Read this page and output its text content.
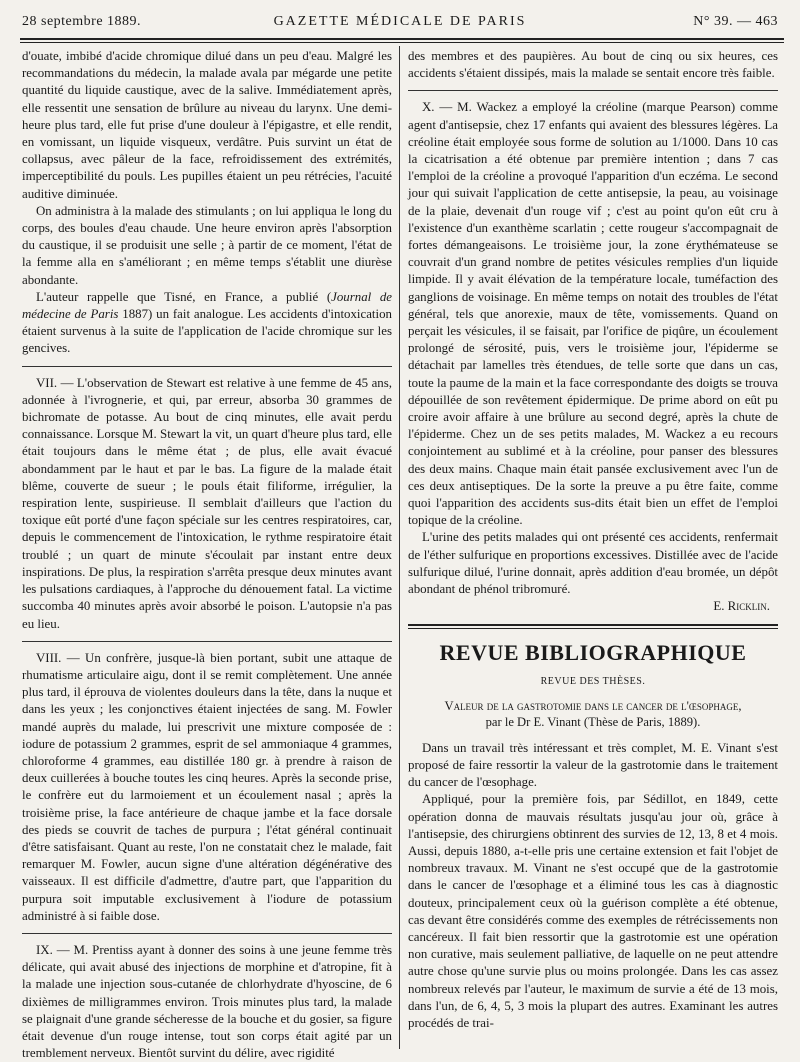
28 septembre 1889.	GAZETTE MÉDICALE DE PARIS	N° 39. — 463

d'ouate, imbibé d'acide chromique dilué dans un peu d'eau. Malgré les recommandations du médecin, la malade avala par mégarde une petite quantité du liquide caustique, avec de la salive. Immédiatement après, elle ressentit une sensation de brûlure au niveau du larynx. Une demi-heure plus tard, elle fut prise d'une douleur à l'épigastre, et elle rendit, en vomissant, un liquide visqueux, verdâtre. Puis survint un état de collapsus, avec pâleur de la face, refroidissement des extrémités, imperceptibilité du pouls. Les pupilles étaient un peu rétrécies, l'acuité auditive diminuée.

On administra à la malade des stimulants ; on lui appliqua le long du corps, des boules d'eau chaude. Une heure environ après l'absorption du caustique, il se produisit une selle ; à partir de ce moment, l'état de la femme alla en s'améliorant ; en même temps s'établit une diurèse abondante.

L'auteur rappelle que Tisné, en France, a publié (Journal de médecine de Paris 1887) un fait analogue. Les accidents d'intoxication étaient survenus à la suite de l'application de l'acide chromique sur les gencives.

VII. — L'observation de Stewart est relative à une femme de 45 ans, adonnée à l'ivrognerie, et qui, par erreur, absorba 30 grammes de bichromate de potasse. Au bout de cinq minutes, elle avait perdu connaissance. Lorsque M. Stewart la vit, un quart d'heure plus tard, elle était toujours dans le même état ; de plus, elle avait évacué abondamment par le haut et par le bas. La figure de la malade était blême, couverte de sueur ; le pouls était filiforme, irrégulier, la respiration lente, suspirieuse. Il semblait d'ailleurs que l'action du toxique eût porté d'une façon spéciale sur les centres respiratoires, car, depuis le commencement de l'intoxication, le rythme respiratoire était troublé ; un quart de minute s'écoulait par instant entre deux inspirations. De plus, la respiration s'arrêta presque deux minutes avant les pulsations cardiaques, à l'approche du dénouement fatal. La victime succomba 40 minutes après avoir absorbé le poison. L'autopsie n'a pas eu lieu.

VIII. — Un confrère, jusque-là bien portant, subit une attaque de rhumatisme articulaire aigu, dont il se remit complètement. Une année plus tard, il éprouva de violentes douleurs dans la tête, dans la nuque et dans les yeux ; les conjonctives étaient injectées de sang. M. Fowler mandé auprès du malade, lui prescrivit une mixture composée de : iodure de potassium 2 grammes, esprit de sel ammoniaque 4 grammes, chloroforme 4 grammes, eau distillée 180 gr. à prendre à raison de deux cuillerées à bouche toutes les cinq heures. Après la seconde prise, le confrère eut du larmoiement et un écoulement nasal ; après la troisième prise, la face antérieure de chaque jambe et la face dorsale des pieds se couvrit de taches de purpura ; l'état général continuait d'être satisfaisant. Quant au reste, l'on ne constatait chez le malade, fait remarquer M. Fowler, aucun signe d'une altération dégénérative des vaisseaux. Il est difficile d'admettre, d'autre part, que l'apparition du purpura soit imputable exclusivement à l'iodure de potassium administré à si faible dose.

IX. — M. Prentiss ayant à donner des soins à une jeune femme très délicate, qui avait abusé des injections de morphine et d'atropine, fit à la malade une injection sous-cutanée de chlorhydrate d'hyoscine, de 6 dixièmes de milligrammes environ. Trois minutes plus tard, la malade se plaignait d'une grande sécheresse de la bouche et du gosier, sa figure était devenue d'un rouge intense, tout son corps était agité par un tremblement nerveux. Bientôt survint du délire, avec rigidité

des membres et des paupières. Au bout de cinq ou six heures, ces accidents s'étaient dissipés, mais la malade se sentait encore très faible.

X. — M. Wackez a employé la créoline (marque Pearson) comme agent d'antisepsie, chez 17 enfants qui avaient des blessures légères. La créoline était employée sous forme de solution au 1/1000. Dans 10 cas la cicatrisation a été obtenue par première intention ; dans 7 cas l'emploi de la créoline a provoqué l'apparition d'un eczéma. Le second jour qui suivait l'application de cette antisepsie, la peau, au voisinage de la plaie, devenait d'un rouge vif ; c'est au point qu'on eût cru à l'existence d'un exanthème scarlatin ; cette rougeur s'accompagnait de fortes démangeaisons. Le troisième jour, la zone érythémateuse se couvrait d'un grand nombre de petites vésicules remplies d'un liquide limpide. Il y avait élévation de la température locale, tuméfaction des ganglions de voisinage. En même temps on notait des troubles de l'état général, tels que anorexie, maux de tête, vomissements. Quand on perçait les vésicules, il se faisait, par l'orifice de piqûre, un écoulement prolongé de sérosité, puis, vers le troisième jour, l'épiderme se détachait par lamelles très étendues, de telle sorte que dans un cas, toute la paume de la main et la face correspondante des doigts se trouva dépouillée de son revêtement épidermique. De prime abord on eût pu croire avoir affaire à une brûlure au second degré, après la chute de l'épiderme. Chez un de ses petits malades, M. Wackez a eu recours conjointement au sublimé et à la créoline, pour panser des blessures des deux mains. Chaque main était pansée exclusivement avec l'un de ces deux antiseptiques. De la sorte la preuve a pu être faite, comme quoi l'apparition des accidents sus-dits était bien un effet de l'emploi topique de la créoline.

L'urine des petits malades qui ont présenté ces accidents, renfermait de l'éther sulfurique en proportions excessives. Distillée avec de l'acide sulfurique dilué, l'urine donnait, après addition d'eau bromée, un dépôt abondant de phénol tribromuré.

E. Ricklin.

REVUE BIBLIOGRAPHIQUE
REVUE DES THÈSES.
Valeur de la gastrotomie dans le cancer de l'œsophage,
par le Dr E. Vinant (Thèse de Paris, 1889).

Dans un travail très intéressant et très complet, M. E. Vinant s'est proposé de faire ressortir la valeur de la gastrotomie dans le traitement du cancer de l'œsophage.

Appliqué, pour la première fois, par Sédillot, en 1849, cette opération donna de mauvais résultats jusqu'au jour où, grâce à l'antisepsie, des chirurgiens obtinrent des survies de 12, 13, 8 et 4 mois. Aussi, depuis 1880, a-t-elle pris une certaine extension et fait l'objet de nombreux travaux. M. Vinant ne s'est occupé que de la gastrotomie dans le cancer de l'œsophage et a éliminé tous les cas à diagnostic douteux, principalement ceux où la guérison complète a été obtenue, cas devant être considérés comme des exemples de rétrécissements non cancéreux. Il fait bien ressortir que la gastrotomie est une opération non curative, mais seulement palliative, de laquelle on ne peut attendre autre chose qu'une survie plus ou moins prolongée. Dans les cas assez nombreux relevés par l'auteur, le maximum de survie a été de 13 mois, dans l'un, de 6, 4, 5, 3 mois la plupart des autres. Examinant les autres procédés de trai-
